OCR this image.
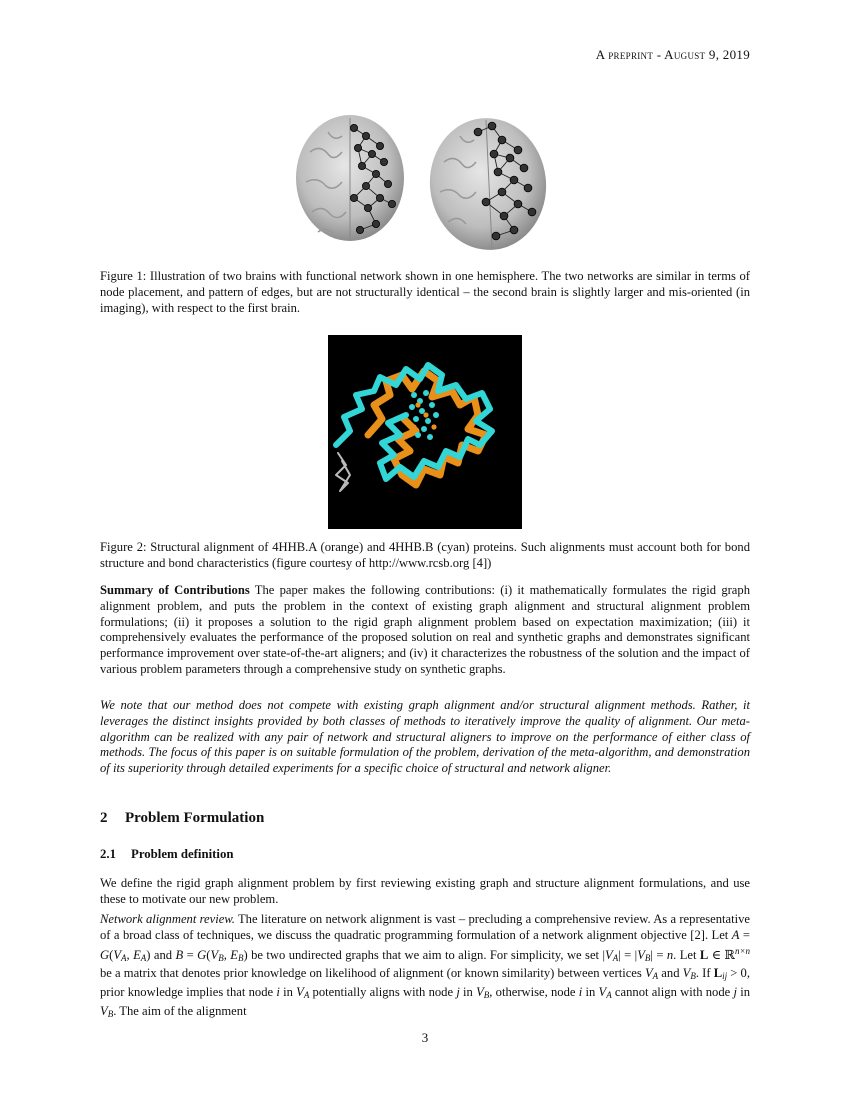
A preprint - August 9, 2019
Figure 1: Illustration of two brains with functional network shown in one hemisphere. The two networks are similar in terms of node placement, and pattern of edges, but are not structurally identical – the second brain is slightly larger and mis-oriented (in imaging), with respect to the first brain.
Figure 2: Structural alignment of 4HHB.A (orange) and 4HHB.B (cyan) proteins. Such alignments must account both for bond structure and bond characteristics (figure courtesy of http://www.rcsb.org [4])

Summary of Contributions The paper makes the following contributions: (i) it mathematically formulates the rigid graph alignment problem, and puts the problem in the context of existing graph alignment and structural alignment problem formulations; (ii) it proposes a solution to the rigid graph alignment problem based on expectation maximization; (iii) it comprehensively evaluates the performance of the proposed solution on real and synthetic graphs and demonstrates significant performance improvement over state-of-the-art aligners; and (iv) it characterizes the robustness of the solution and the impact of various problem parameters through a comprehensive study on synthetic graphs.

We note that our method does not compete with existing graph alignment and/or structural alignment methods. Rather, it leverages the distinct insights provided by both classes of methods to iteratively improve the quality of alignment. Our meta-algorithm can be realized with any pair of network and structural aligners to improve on the performance of either class of methods. The focus of this paper is on suitable formulation of the problem, derivation of the meta-algorithm, and demonstration of its superiority through detailed experiments for a specific choice of structural and network aligner.

2 Problem Formulation
2.1 Problem definition

We define the rigid graph alignment problem by first reviewing existing graph and structure alignment formulations, and use these to motivate our new problem.

Network alignment review. The literature on network alignment is vast – precluding a comprehensive review. As a representative of a broad class of techniques, we discuss the quadratic programming formulation of a network alignment objective [2]. Let $A = G(V_A$, $E_A$) and $B = G(V_B$, $E_B$) be two undirected graphs that we aim to align. For simplicity, we set $|V_A| = |V_B| = n$. Let L ∈ ℝ$^{n\times n}$ be a matrix that denotes prior knowledge on likelihood of alignment (or known similarity) between vertices $V_A$ and $V_B$. If $L_{ij} > 0$, prior knowledge implies that node i in $V_A$ potentially aligns with node j in $V_B$, otherwise, node i in $V_A$ cannot align with node j in $V_B$. The aim of the alignment

3
